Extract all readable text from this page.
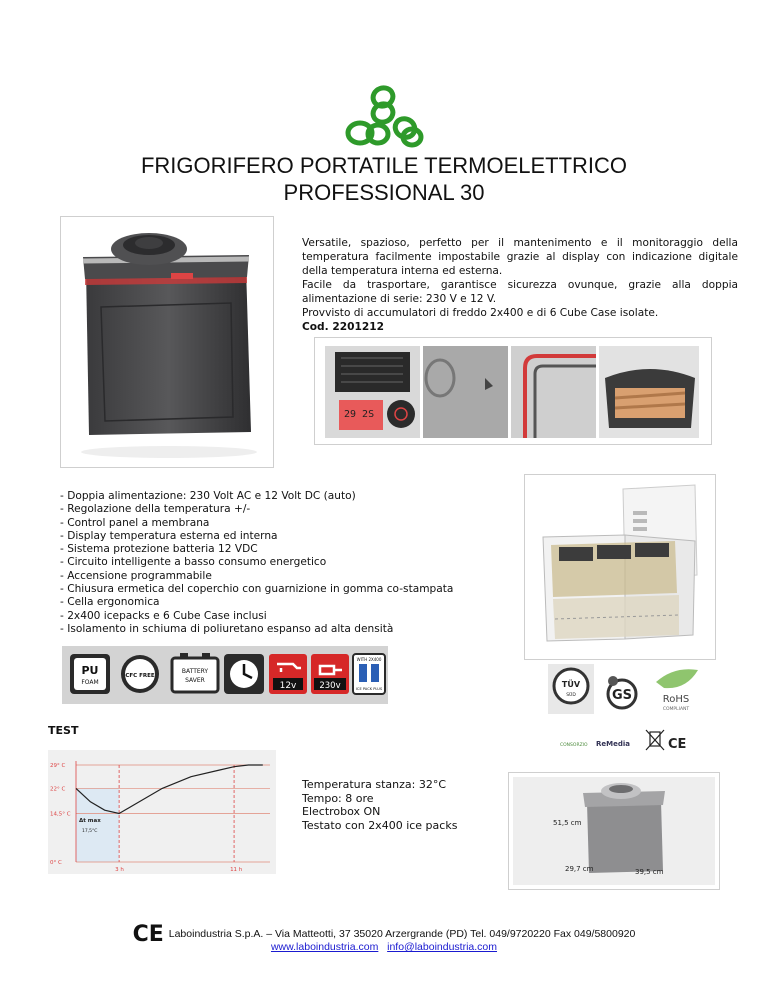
FRIGORIFERO PORTATILE TERMOELETTRICO
PROFESSIONAL 30

Versatile, spazioso, perfetto per il mantenimento e il monitoraggio della temperatura facilmente impostabile grazie al display con indicazione digitale della temperatura interna ed esterna.

Facile da trasportare, garantisce sicurezza ovunque, grazie alla doppia alimentazione di serie: 230 V e 12 V.

Provvisto di accumulatori di freddo 2x400 e di 6 Cube Case isolate.

Cod. 2201212

29 2S
- Doppia alimentazione: 230 Volt AC e 12 Volt DC (auto)
- Regolazione della temperatura +/-
- Control panel a membrana
- Display temperatura esterna ed interna
- Sistema protezione batteria 12 VDC
- Circuito intelligente a basso consumo energetico
- Accensione programmabile
- Chiusura ermetica del coperchio con guarnizione in gomma co-stampata
- Cella ergonomica
- 2x400 icepacks e 6 Cube Case inclusi
- Isolamento in schiuma di poliuretano espanso ad alta densità
PU
FOAM
CFC FREE
BATTERY
SAVER
12v	230v
WITH 2X400
ICE PACK PLUS	TÜV
SÜD	GS	RoHS
COMPLIANT
CONSORZIO ReMedia	CE
TEST
29° C
22° C
14,5° C
0° C
3 h	11 h
Δt max
17,5°C
Temperatura stanza: 32°C
Tempo: 8 ore
Electrobox ON
Testato con 2x400 ice packs	51,5 cm
29,7 cm	39,5 cm
CE Laboindustria S.p.A. – Via Matteotti, 37 35020 Arzergrande (PD) Tel. 049/9720220 Fax 049/5800920
www.laboindustria.com info@laboindustria.com
